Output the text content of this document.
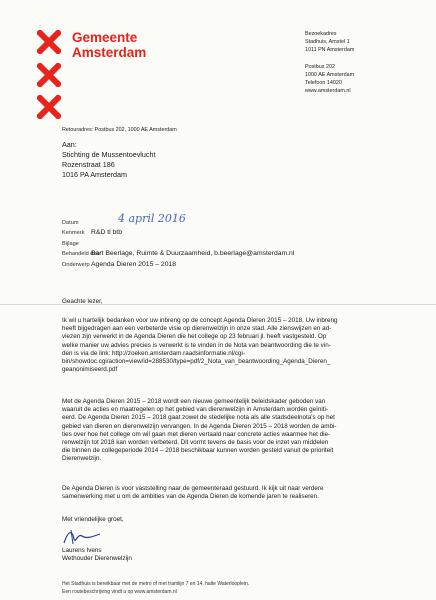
Gemeente
Amsterdam
Bezoekadres
Stadhuis, Amstel 1
1011 PN Amsterdam
Postbus 202
1000 AE Amsterdam
Telefoon 14020
www.amsterdam.nl
Retouradres: Postbus 202, 1000 AE Amsterdam
Aan:
Stichting de Mussentoevlucht
Rozenstraat 186
1016 PA Amsterdam
Datum
Kenmerk R&D tl btb
Bijlage
Behandeld door
Bart Beerlage, Ruimte & Duurzaamheid, b.beerlage@amsterdam.nl
Onderwerp Agenda Dieren 2015 – 2018
4 april 2016
Geachte lezer,
Ik wil u hartelijk bedanken voor uw inbreng op de concept Agenda Dieren 2015 – 2018. Uw inbreng
heeft bijgedragen aan een verbeterde visie op dierenwelzijn in onze stad. Alle zienswijzen en ad-
viezen zijn verwerkt in de Agenda Dieren die het college op 23 februari jl. heeft vastgesteld. Op
welke manier uw advies precies is verwerkt is te vinden in de Nota van beantwoording die te vin-
den is via de link: http://zoeken.amsterdam.raadsinformatie.nl/cgi-
bin/showdoc.cgi/action=view/id=288530/type=pdf/2_Nota_van_beantwoording_Agenda_Dieren_
geanonimiseerd.pdf
Met de Agenda Dieren 2015 – 2018 wordt een nieuwe gemeentelijk beleidskader geboden van
waaruit de acties en maatregelen op het gebied van dierenwelzijn in Amsterdam worden geïniti-
eerd. De Agenda Dieren 2015 – 2018 gaat zowel de stedelijke nota als alle stadsdeelnota's op het
gebied van dieren en dierenwelzijn vervangen. In de Agenda Dieren 2015 – 2018 worden de ambi-
ties over hoe het college om wil gaan met dieren vertaald naar concrete acties waarmee het die-
renwelzijn tot 2018 kan worden verbeterd. Dit vormt tevens de basis voor de inzet van middelen
die binnen de collegeperiode 2014 – 2018 beschikbaar kunnen worden gesteld vanuit de prioriteit
Dierenwelzijn.
De Agenda Dieren is voor vaststelling naar de gemeenteraad gestuurd. Ik kijk uit naar verdere
samenwerking met u om de ambities van de Agenda Dieren de komende jaren te realiseren.
Met vriendelijke groet,
Laurens Ivens
Wethouder Dierenwelzijn
Het Stadhuis is bereikbaar met de metro of met tramlijn 7 en 14, halte Waterlooplein.
Een routebeschrijving vindt u op www.amsterdam.nl
